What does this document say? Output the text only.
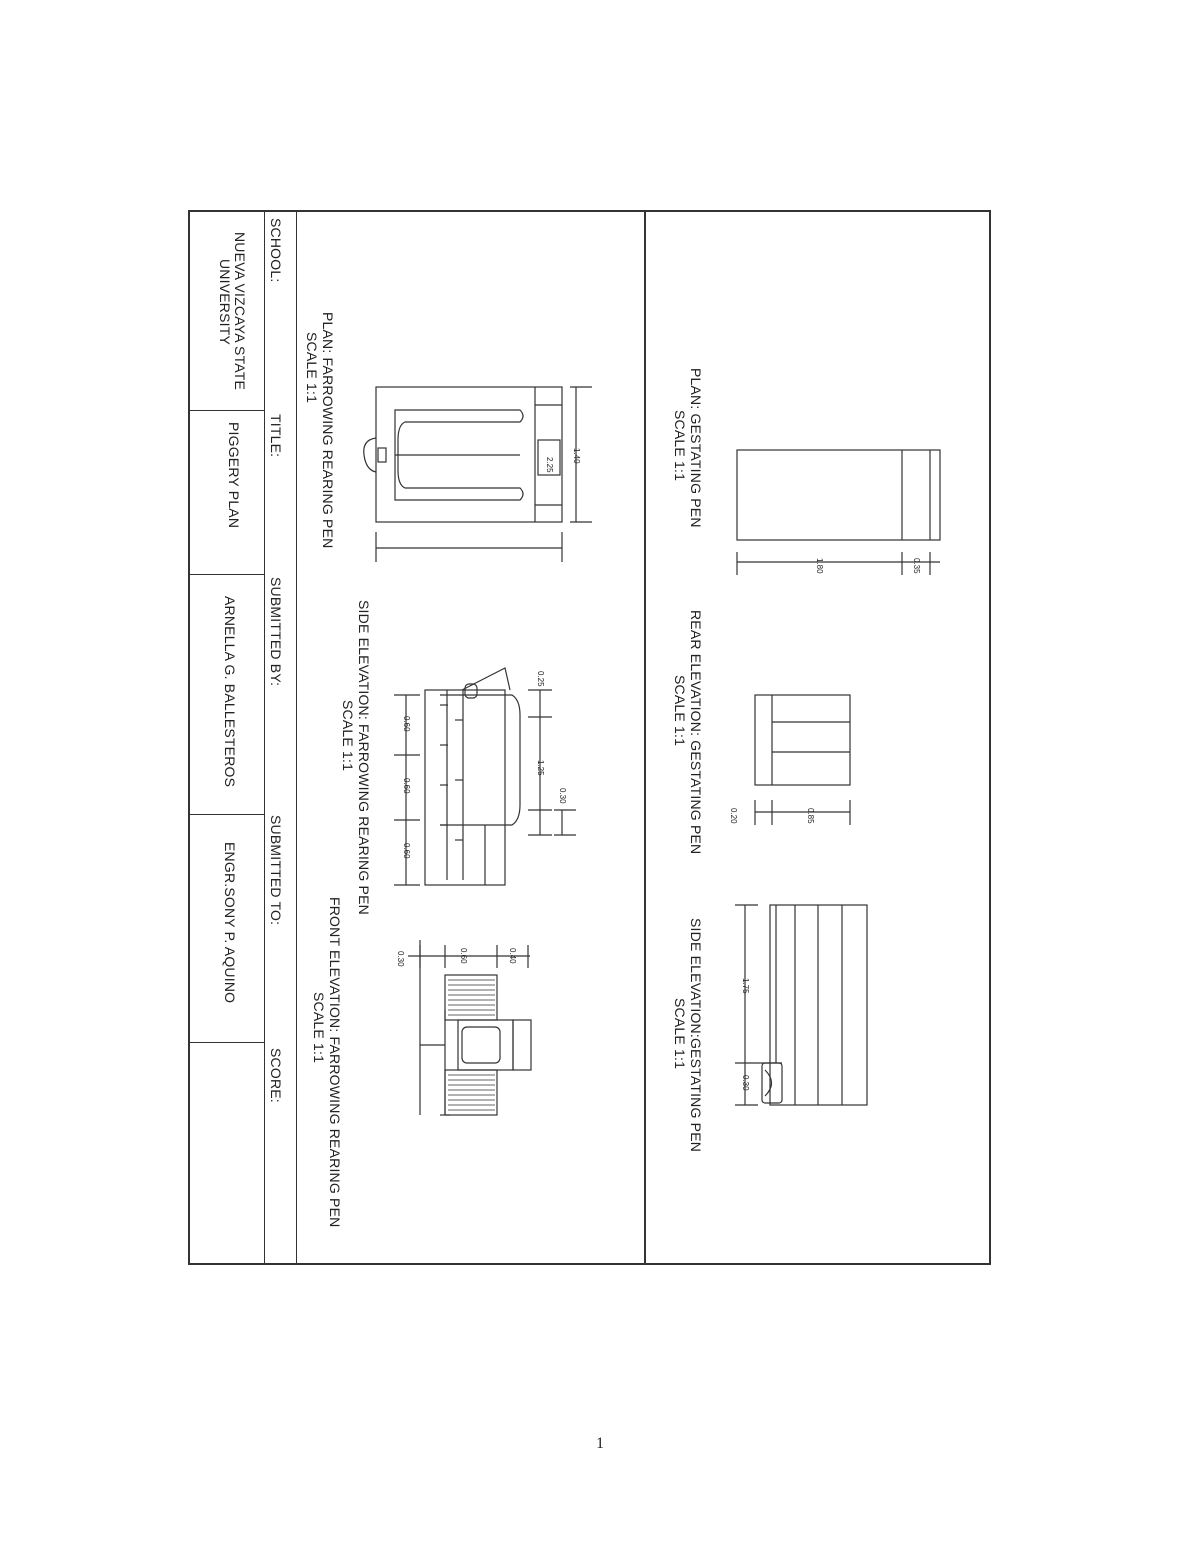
SCHOOL:
NUEVA VIZCAYA STATE
UNIVERSITY
TITLE:
PIGGERY PLAN
SUBMITTED BY:
ARNELLA G. BALLESTEROS
SUBMITTED TO:
ENGR.SONY P. AQUINO
SCORE:
PLAN: FARROWING REARING PEN
SCALE 1:1
1.40
2.25
SIDE ELEVATION: FARROWING REARING PEN
SCALE 1:1
0.25
1.25
0.30
0.60
0.60
0.60
FRONT ELEVATION: FARROWING REARING PEN
SCALE 1:1
0.30	0.60	0.40
PLAN: GESTATING PEN
SCALE 1:1
1.80	0.35
REAR ELEVATION: GESTATING PEN
SCALE 1:1
0.20	0.85
SIDE ELEVATION:GESTATING PEN
SCALE 1:1
1.75
0.30
1
